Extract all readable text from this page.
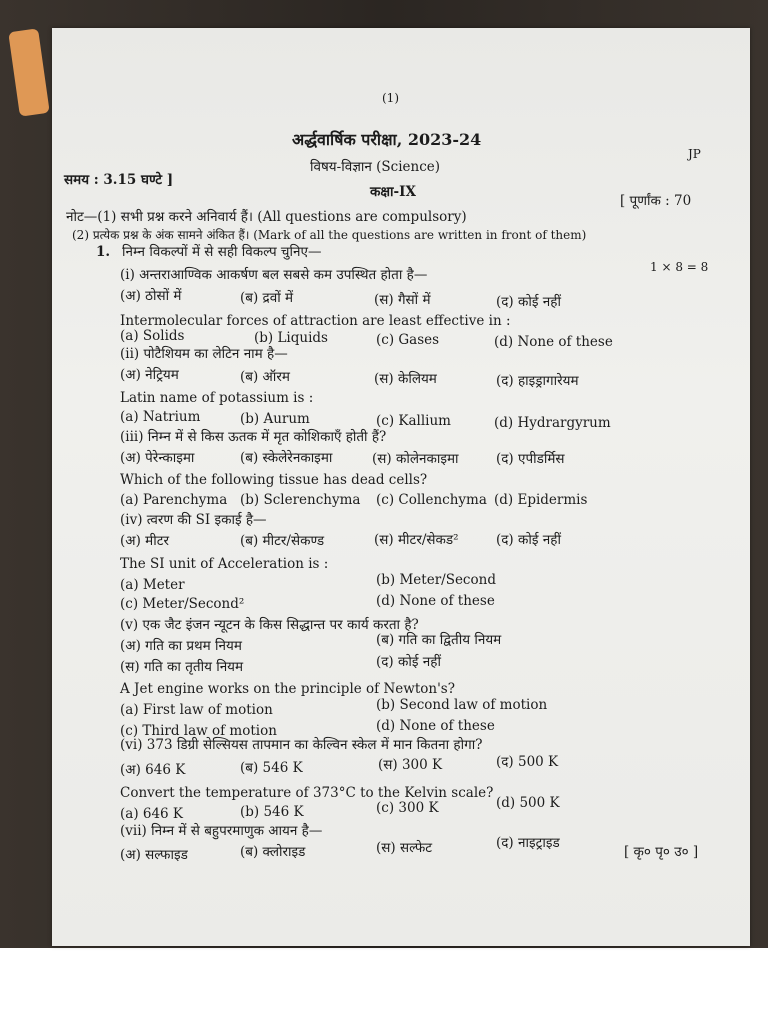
(1)
अर्द्धवार्षिक परीक्षा, 2023-24
JP
विषय-विज्ञान (Science)
समय : 3.15 घण्टे ]
कक्षा-IX
[ पूर्णांक : 70
नोट—(1) सभी प्रश्न करने अनिवार्य हैं। (All questions are compulsory)
(2) प्रत्येक प्रश्न के अंक सामने अंकित हैं। (Mark of all the questions are written in front of them)
1. निम्न विकल्पों में से सही विकल्प चुनिए—
1 × 8 = 8
(i) अन्तराआण्विक आकर्षण बल सबसे कम उपस्थित होता है—
(अ) ठोसों में	(ब) द्रवों में	(स) गैसों में	(द) कोई नहीं
Intermolecular forces of attraction are least effective in :
(a) Solids	(b) Liquids	(c) Gases	(d) None of these
(ii) पोटैशियम का लेटिन नाम है—
(अ) नेट्रियम	(ब) ऑरम	(स) केलियम	(द) हाइड्रागारेयम
Latin name of potassium is :
(a) Natrium	(b) Aurum	(c) Kallium	(d) Hydrargyrum
(iii) निम्न में से किस ऊतक में मृत कोशिकाएँ होती हैं?
(अ) पेरेन्काइमा	(ब) स्केलेरेनकाइमा	(स) कोलेनकाइमा	(द) एपीडर्मिस
Which of the following tissue has dead cells?
(a) Parenchyma (b) Sclerenchyma (c) Collenchyma (d) Epidermis
(iv) त्वरण की SI इकाई है—
(अ) मीटर	(ब) मीटर/सेकण्ड	(स) मीटर/सेकड²	(द) कोई नहीं
The SI unit of Acceleration is :
(a) Meter	(b) Meter/Second
(c) Meter/Second²	(d) None of these
(v) एक जैट इंजन न्यूटन के किस सिद्धान्त पर कार्य करता है?
(अ) गति का प्रथम नियम	(ब) गति का द्वितीय नियम
(स) गति का तृतीय नियम	(द) कोई नहीं
A Jet engine works on the principle of Newton's?
(a) First law of motion	(b) Second law of motion
(c) Third law of motion	(d) None of these
(vi) 373 डिग्री सेल्सियस तापमान का केल्विन स्केल में मान कितना होगा?
(अ) 646 K	(ब) 546 K	(स) 300 K	(द) 500 K
Convert the temperature of 373°C to the Kelvin scale?
(a) 646 K	(b) 546 K	(c) 300 K	(d) 500 K
(vii) निम्न में से बहुपरमाणुक आयन है—
(अ) सल्फाइड	(ब) क्लोराइड	(स) सल्फेट	(द) नाइट्राइड
[ कृ० पृ० उ० ]
